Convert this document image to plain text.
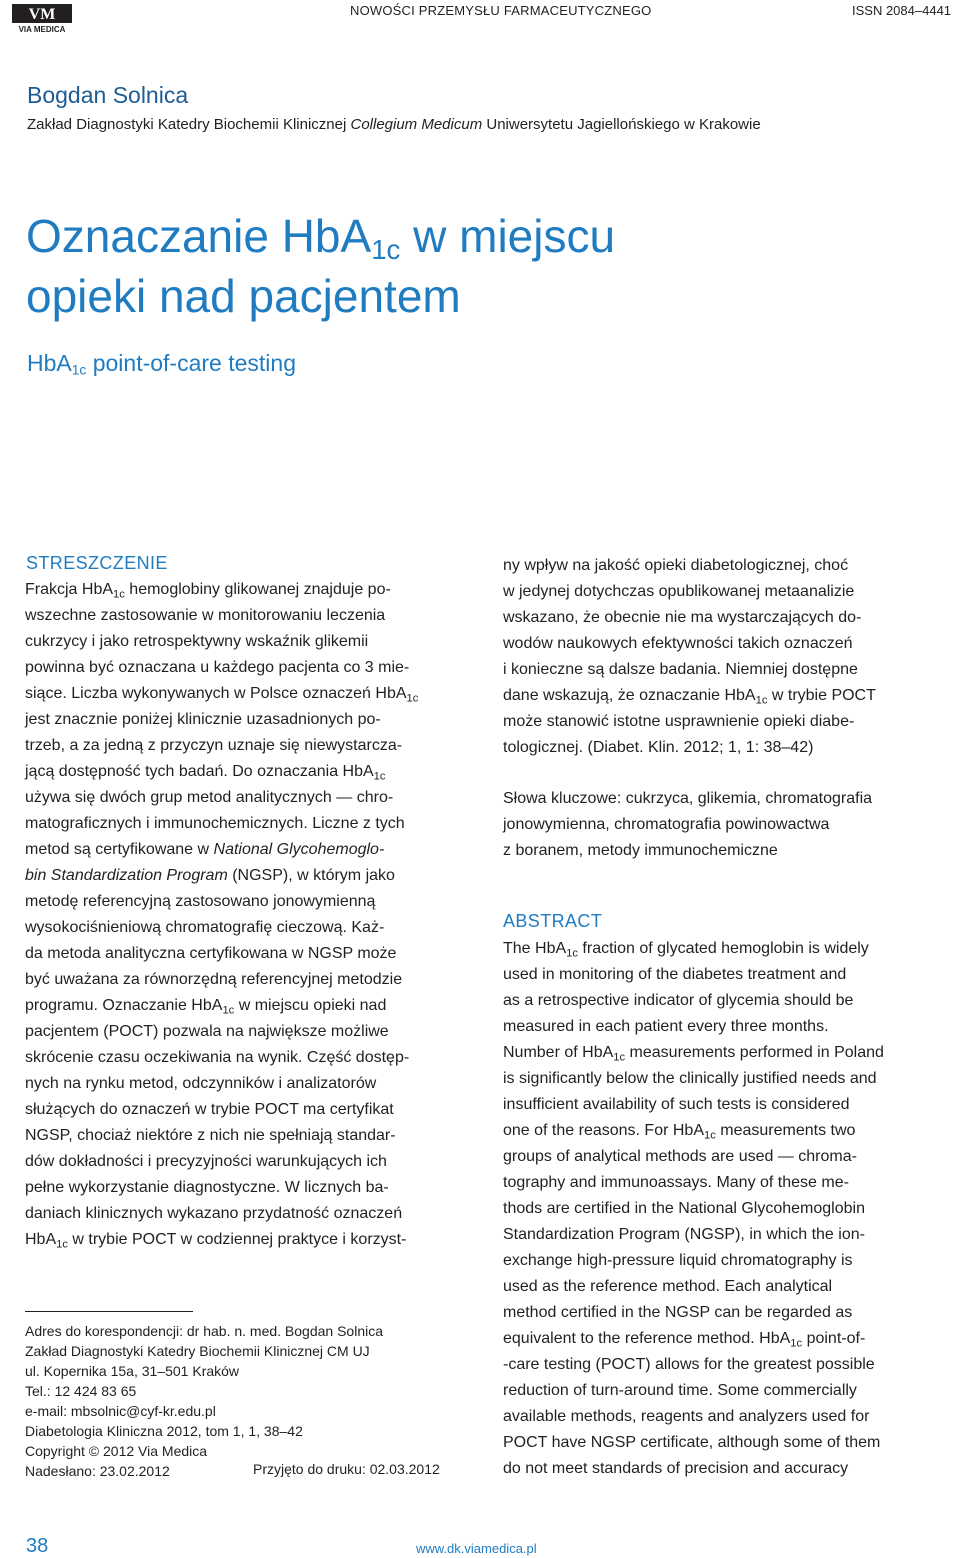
VM
VIA MEDICA
NOWOŚCI PRZEMYSŁU FARMACEUTYCZNEGO	ISSN 2084–4441
Bogdan Solnica
Zakład Diagnostyki Katedry Biochemii Klinicznej Collegium Medicum Uniwersytetu Jagiellońskiego w Krakowie
Oznaczanie HbA$_{1c}$ w miejscu
opieki nad pacjentem
HbA$_{1c}$ point-of-care testing
STRESZCZENIE
Frakcja HbA$_{1c}$ hemoglobiny glikowanej znajduje po-
wszechne zastosowanie w monitorowaniu leczenia
cukrzycy i jako retrospektywny wskaźnik glikemii
powinna być oznaczana u każdego pacjenta co 3 mie-
siące. Liczba wykonywanych w Polsce oznaczeń HbA$_{1c}$
jest znacznie poniżej klinicznie uzasadnionych po-
trzeb, a za jedną z przyczyn uznaje się niewystarcza-
jącą dostępność tych badań. Do oznaczania HbA$_{1c}$
używa się dwóch grup metod analitycznych — chro-
matograficznych i immunochemicznych. Liczne z tych
metod są certyfikowane w National Glycohemoglo-
bin Standardization Program (NGSP), w którym jako
metodę referencyjną zastosowano jonowymienną
wysokociśnieniową chromatografię cieczową. Każ-
da metoda analityczna certyfikowana w NGSP może
być uważana za równorzędną referencyjnej metodzie
programu. Oznaczanie HbA$_{1c}$ w miejscu opieki nad
pacjentem (POCT) pozwala na największe możliwe
skrócenie czasu oczekiwania na wynik. Część dostęp-
nych na rynku metod, odczynników i analizatorów
służących do oznaczeń w trybie POCT ma certyfikat
NGSP, chociaż niektóre z nich nie spełniają standar-
dów dokładności i precyzyjności warunkujących ich
pełne wykorzystanie diagnostyczne. W licznych ba-
daniach klinicznych wykazano przydatność oznaczeń
HbA$_{1c}$ w trybie POCT w codziennej praktyce i korzyst-
ny wpływ na jakość opieki diabetologicznej, choć
w jedynej dotychczas opublikowanej metaanalizie
wskazano, że obecnie nie ma wystarczających do-
wodów naukowych efektywności takich oznaczeń
i konieczne są dalsze badania. Niemniej dostępne
dane wskazują, że oznaczanie HbA$_{1c}$ w trybie POCT
może stanowić istotne usprawnienie opieki diabe-
tologicznej. (Diabet. Klin. 2012; 1, 1: 38–42)
Słowa kluczowe: cukrzyca, glikemia, chromatografia
jonowymienna, chromatografia powinowactwa
z boranem, metody immunochemiczne
ABSTRACT
The HbA$_{1c}$ fraction of glycated hemoglobin is widely
used in monitoring of the diabetes treatment and
as a retrospective indicator of glycemia should be
measured in each patient every three months.
Number of HbA$_{1c}$ measurements performed in Poland
is significantly below the clinically justified needs and
insufficient availability of such tests is considered
one of the reasons. For HbA$_{1c}$ measurements two
groups of analytical methods are used — chroma-
tography and immunoassays. Many of these me-
thods are certified in the National Glycohemoglobin
Standardization Program (NGSP), in which the ion-
exchange high-pressure liquid chromatography is
used as the reference method. Each analytical
method certified in the NGSP can be regarded as
equivalent to the reference method. HbA$_{1c}$ point-of-
-care testing (POCT) allows for the greatest possible
reduction of turn-around time. Some commercially
available methods, reagents and analyzers used for
POCT have NGSP certificate, although some of them
do not meet standards of precision and accuracy
Adres do korespondencji: dr hab. n. med. Bogdan Solnica
Zakład Diagnostyki Katedry Biochemii Klinicznej CM UJ
ul. Kopernika 15a, 31–501 Kraków
Tel.: 12 424 83 65
e-mail: mbsolnic@cyf-kr.edu.pl
Diabetologia Kliniczna 2012, tom 1, 1, 38–42
Copyright © 2012 Via Medica
Nadesłano: 23.02.2012	Przyjęto do druku: 02.03.2012
38	www.dk.viamedica.pl
